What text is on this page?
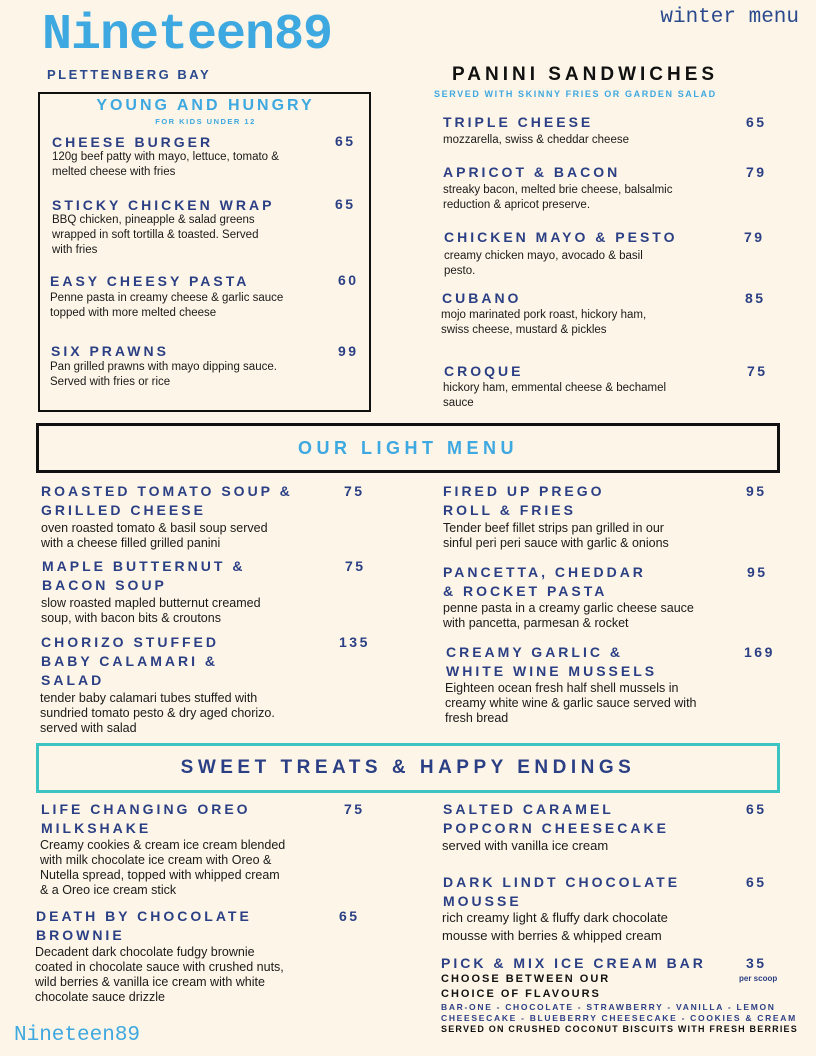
Nineteen89
PLETTENBERG BAY
winter menu
YOUNG AND HUNGRY
FOR KIDS UNDER 12
CHEESE BURGER	65
120g beef patty with mayo, lettuce, tomato &
melted cheese with fries
STICKY CHICKEN WRAP	65
BBQ chicken, pineapple & salad greens
wrapped in soft tortilla & toasted. Served
with fries
EASY CHEESY PASTA	60
Penne pasta in creamy cheese & garlic sauce
topped with more melted cheese
SIX PRAWNS	99
Pan grilled prawns with mayo dipping sauce.
Served with fries or rice
PANINI SANDWICHES
SERVED WITH SKINNY FRIES OR GARDEN SALAD
TRIPLE CHEESE	65
mozzarella, swiss & cheddar cheese
APRICOT & BACON	79
streaky bacon, melted brie cheese, balsalmic
reduction & apricot preserve.
CHICKEN MAYO & PESTO	79
creamy chicken mayo, avocado & basil
pesto.
CUBANO	85
mojo marinated pork roast, hickory ham,
swiss cheese, mustard & pickles
CROQUE	75
hickory ham, emmental cheese & bechamel
sauce
OUR LIGHT MENU
ROASTED TOMATO SOUP &
GRILLED CHEESE
75
oven roasted tomato & basil soup served
with a cheese filled grilled panini
MAPLE BUTTERNUT &
BACON SOUP
75
slow roasted mapled butternut creamed
soup, with bacon bits & croutons
CHORIZO STUFFED
BABY CALAMARI &
SALAD
135
tender baby calamari tubes stuffed with
sundried tomato pesto & dry aged chorizo.
served with salad
FIRED UP PREGO
ROLL & FRIES
95
Tender beef fillet strips pan grilled in our
sinful peri peri sauce with garlic & onions
PANCETTA, CHEDDAR
& ROCKET PASTA
95
penne pasta in a creamy garlic cheese sauce
with pancetta, parmesan & rocket
CREAMY GARLIC &
WHITE WINE MUSSELS
169
Eighteen ocean fresh half shell mussels in
creamy white wine & garlic sauce served with
fresh bread
SWEET TREATS & HAPPY ENDINGS
LIFE CHANGING OREO
MILKSHAKE
75
Creamy cookies & cream ice cream blended
with milk chocolate ice cream with Oreo &
Nutella spread, topped with whipped cream
& a Oreo ice cream stick
DEATH BY CHOCOLATE
BROWNIE
65
Decadent dark chocolate fudgy brownie
coated in chocolate sauce with crushed nuts,
wild berries & vanilla ice cream with white
chocolate sauce drizzle
SALTED CARAMEL
POPCORN CHEESECAKE
65
served with vanilla ice cream
DARK LINDT CHOCOLATE
MOUSSE
65
rich creamy light & fluffy dark chocolate
mousse with berries & whipped cream
PICK & MIX ICE CREAM BAR	35
per scoop
CHOOSE BETWEEN OUR
CHOICE OF FLAVOURS
BAR-ONE - CHOCOLATE - STRAWBERRY - VANILLA - LEMON
CHEESECAKE - BLUEBERRY CHEESECAKE - COOKIES & CREAM
SERVED ON CRUSHED COCONUT BISCUITS WITH FRESH BERRIES
Nineteen89
